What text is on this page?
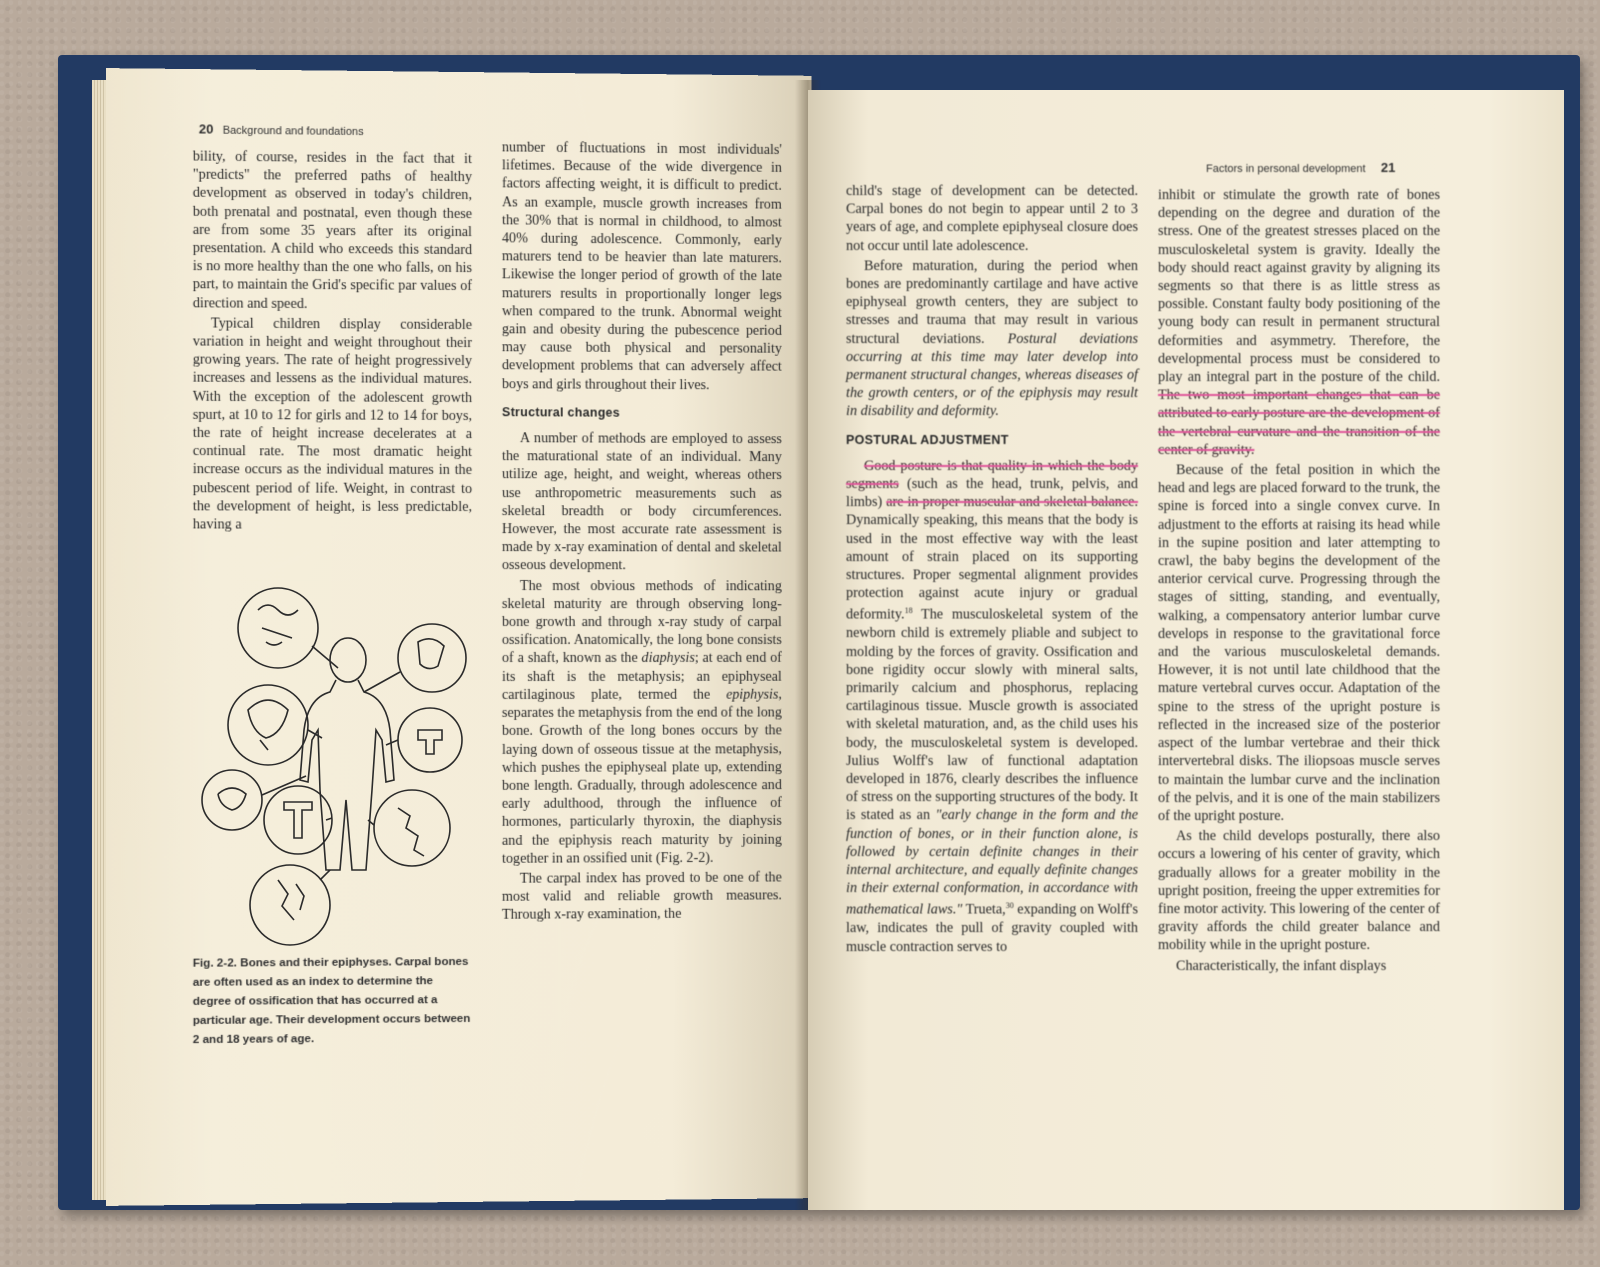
20 Background and foundations

bility, of course, resides in the fact that it "predicts" the preferred paths of healthy development as observed in today's children, both prenatal and postnatal, even though these are from some 35 years after its original presentation. A child who exceeds this standard is no more healthy than the one who falls, on his part, to maintain the Grid's specific par values of direction and speed.

Typical children display considerable variation in height and weight throughout their growing years. The rate of height progressively increases and lessens as the individual matures. With the exception of the adolescent growth spurt, at 10 to 12 for girls and 12 to 14 for boys, the rate of height increase decelerates at a continual rate. The most dramatic height increase occurs as the individual matures in the pubescent period of life. Weight, in contrast to the development of height, is less predictable, having a

number of fluctuations in most individuals' lifetimes. Because of the wide divergence in factors affecting weight, it is difficult to predict. As an example, muscle growth increases from the 30% that is normal in childhood, to almost 40% during adolescence. Commonly, early maturers tend to be heavier than late maturers. Likewise the longer period of growth of the late maturers results in proportionally longer legs when compared to the trunk. Abnormal weight gain and obesity during the pubescence period may cause both physical and personality development problems that can adversely affect boys and girls throughout their lives.

Structural changes

A number of methods are employed to assess the maturational state of an individual. Many utilize age, height, and weight, whereas others use anthropometric measurements such as skeletal breadth or body circumferences. However, the most accurate rate assessment is made by x-ray examination of dental and skeletal osseous development.

The most obvious methods of indicating skeletal maturity are through observing long-bone growth and through x-ray study of carpal ossification. Anatomically, the long bone consists of a shaft, known as the diaphysis; at each end of its shaft is the metaphysis; an epiphyseal cartilaginous plate, termed the epiphysis, separates the metaphysis from the end of the long bone. Growth of the long bones occurs by the laying down of osseous tissue at the metaphysis, which pushes the epiphyseal plate up, extending bone length. Gradually, through adolescence and early adulthood, through the influence of hormones, particularly thyroxin, the diaphysis and the epiphysis reach maturity by joining together in an ossified unit (Fig. 2-2).

The carpal index has proved to be one of the most valid and reliable growth measures. Through x-ray examination, the

Fig. 2-2. Bones and their epiphyses. Carpal bones are often used as an index to determine the degree of ossification that has occurred at a particular age. Their development occurs between 2 and 18 years of age.
Factors in personal development 21

child's stage of development can be detected. Carpal bones do not begin to appear until 2 to 3 years of age, and complete epiphyseal closure does not occur until late adolescence.

Before maturation, during the period when bones are predominantly cartilage and have active epiphyseal growth centers, they are subject to stresses and trauma that may result in various structural deviations. Postural deviations occurring at this time may later develop into permanent structural changes, whereas diseases of the growth centers, or of the epiphysis may result in disability and deformity.

POSTURAL ADJUSTMENT

Good posture is that quality in which the body segments (such as the head, trunk, pelvis, and limbs) are in proper muscular and skeletal balance. Dynamically speaking, this means that the body is used in the most effective way with the least amount of strain placed on its supporting structures. Proper segmental alignment provides protection against acute injury or gradual deformity.$^{18}$ The musculoskeletal system of the newborn child is extremely pliable and subject to molding by the forces of gravity. Ossification and bone rigidity occur slowly with mineral salts, primarily calcium and phosphorus, replacing cartilaginous tissue. Muscle growth is associated with skeletal maturation, and, as the child uses his body, the musculoskeletal system is developed. Julius Wolff's law of functional adaptation developed in 1876, clearly describes the influence of stress on the supporting structures of the body. It is stated as an "early change in the form and the function of bones, or in their function alone, is followed by certain definite changes in their internal architecture, and equally definite changes in their external conformation, in accordance with mathematical laws." Trueta,$^{30}$ expanding on Wolff's law, indicates the pull of gravity coupled with muscle contraction serves to

inhibit or stimulate the growth rate of bones depending on the degree and duration of the stress. One of the greatest stresses placed on the musculoskeletal system is gravity. Ideally the body should react against gravity by aligning its segments so that there is as little stress as possible. Constant faulty body positioning of the young body can result in permanent structural deformities and asymmetry. Therefore, the developmental process must be considered to play an integral part in the posture of the child. The two most important changes that can be attributed to early posture are the development of the vertebral curvature and the transition of the center of gravity.

Because of the fetal position in which the head and legs are placed forward to the trunk, the spine is forced into a single convex curve. In adjustment to the efforts at raising its head while in the supine position and later attempting to crawl, the baby begins the development of the anterior cervical curve. Progressing through the stages of sitting, standing, and eventually, walking, a compensatory anterior lumbar curve develops in response to the gravitational force and the various musculoskeletal demands. However, it is not until late childhood that the mature vertebral curves occur. Adaptation of the spine to the stress of the upright posture is reflected in the increased size of the posterior aspect of the lumbar vertebrae and their thick intervertebral disks. The iliopsoas muscle serves to maintain the lumbar curve and the inclination of the pelvis, and it is one of the main stabilizers of the upright posture.

As the child develops posturally, there also occurs a lowering of his center of gravity, which gradually allows for a greater mobility in the upright position, freeing the upper extremities for fine motor activity. This lowering of the center of gravity affords the child greater balance and mobility while in the upright posture.

Characteristically, the infant displays
